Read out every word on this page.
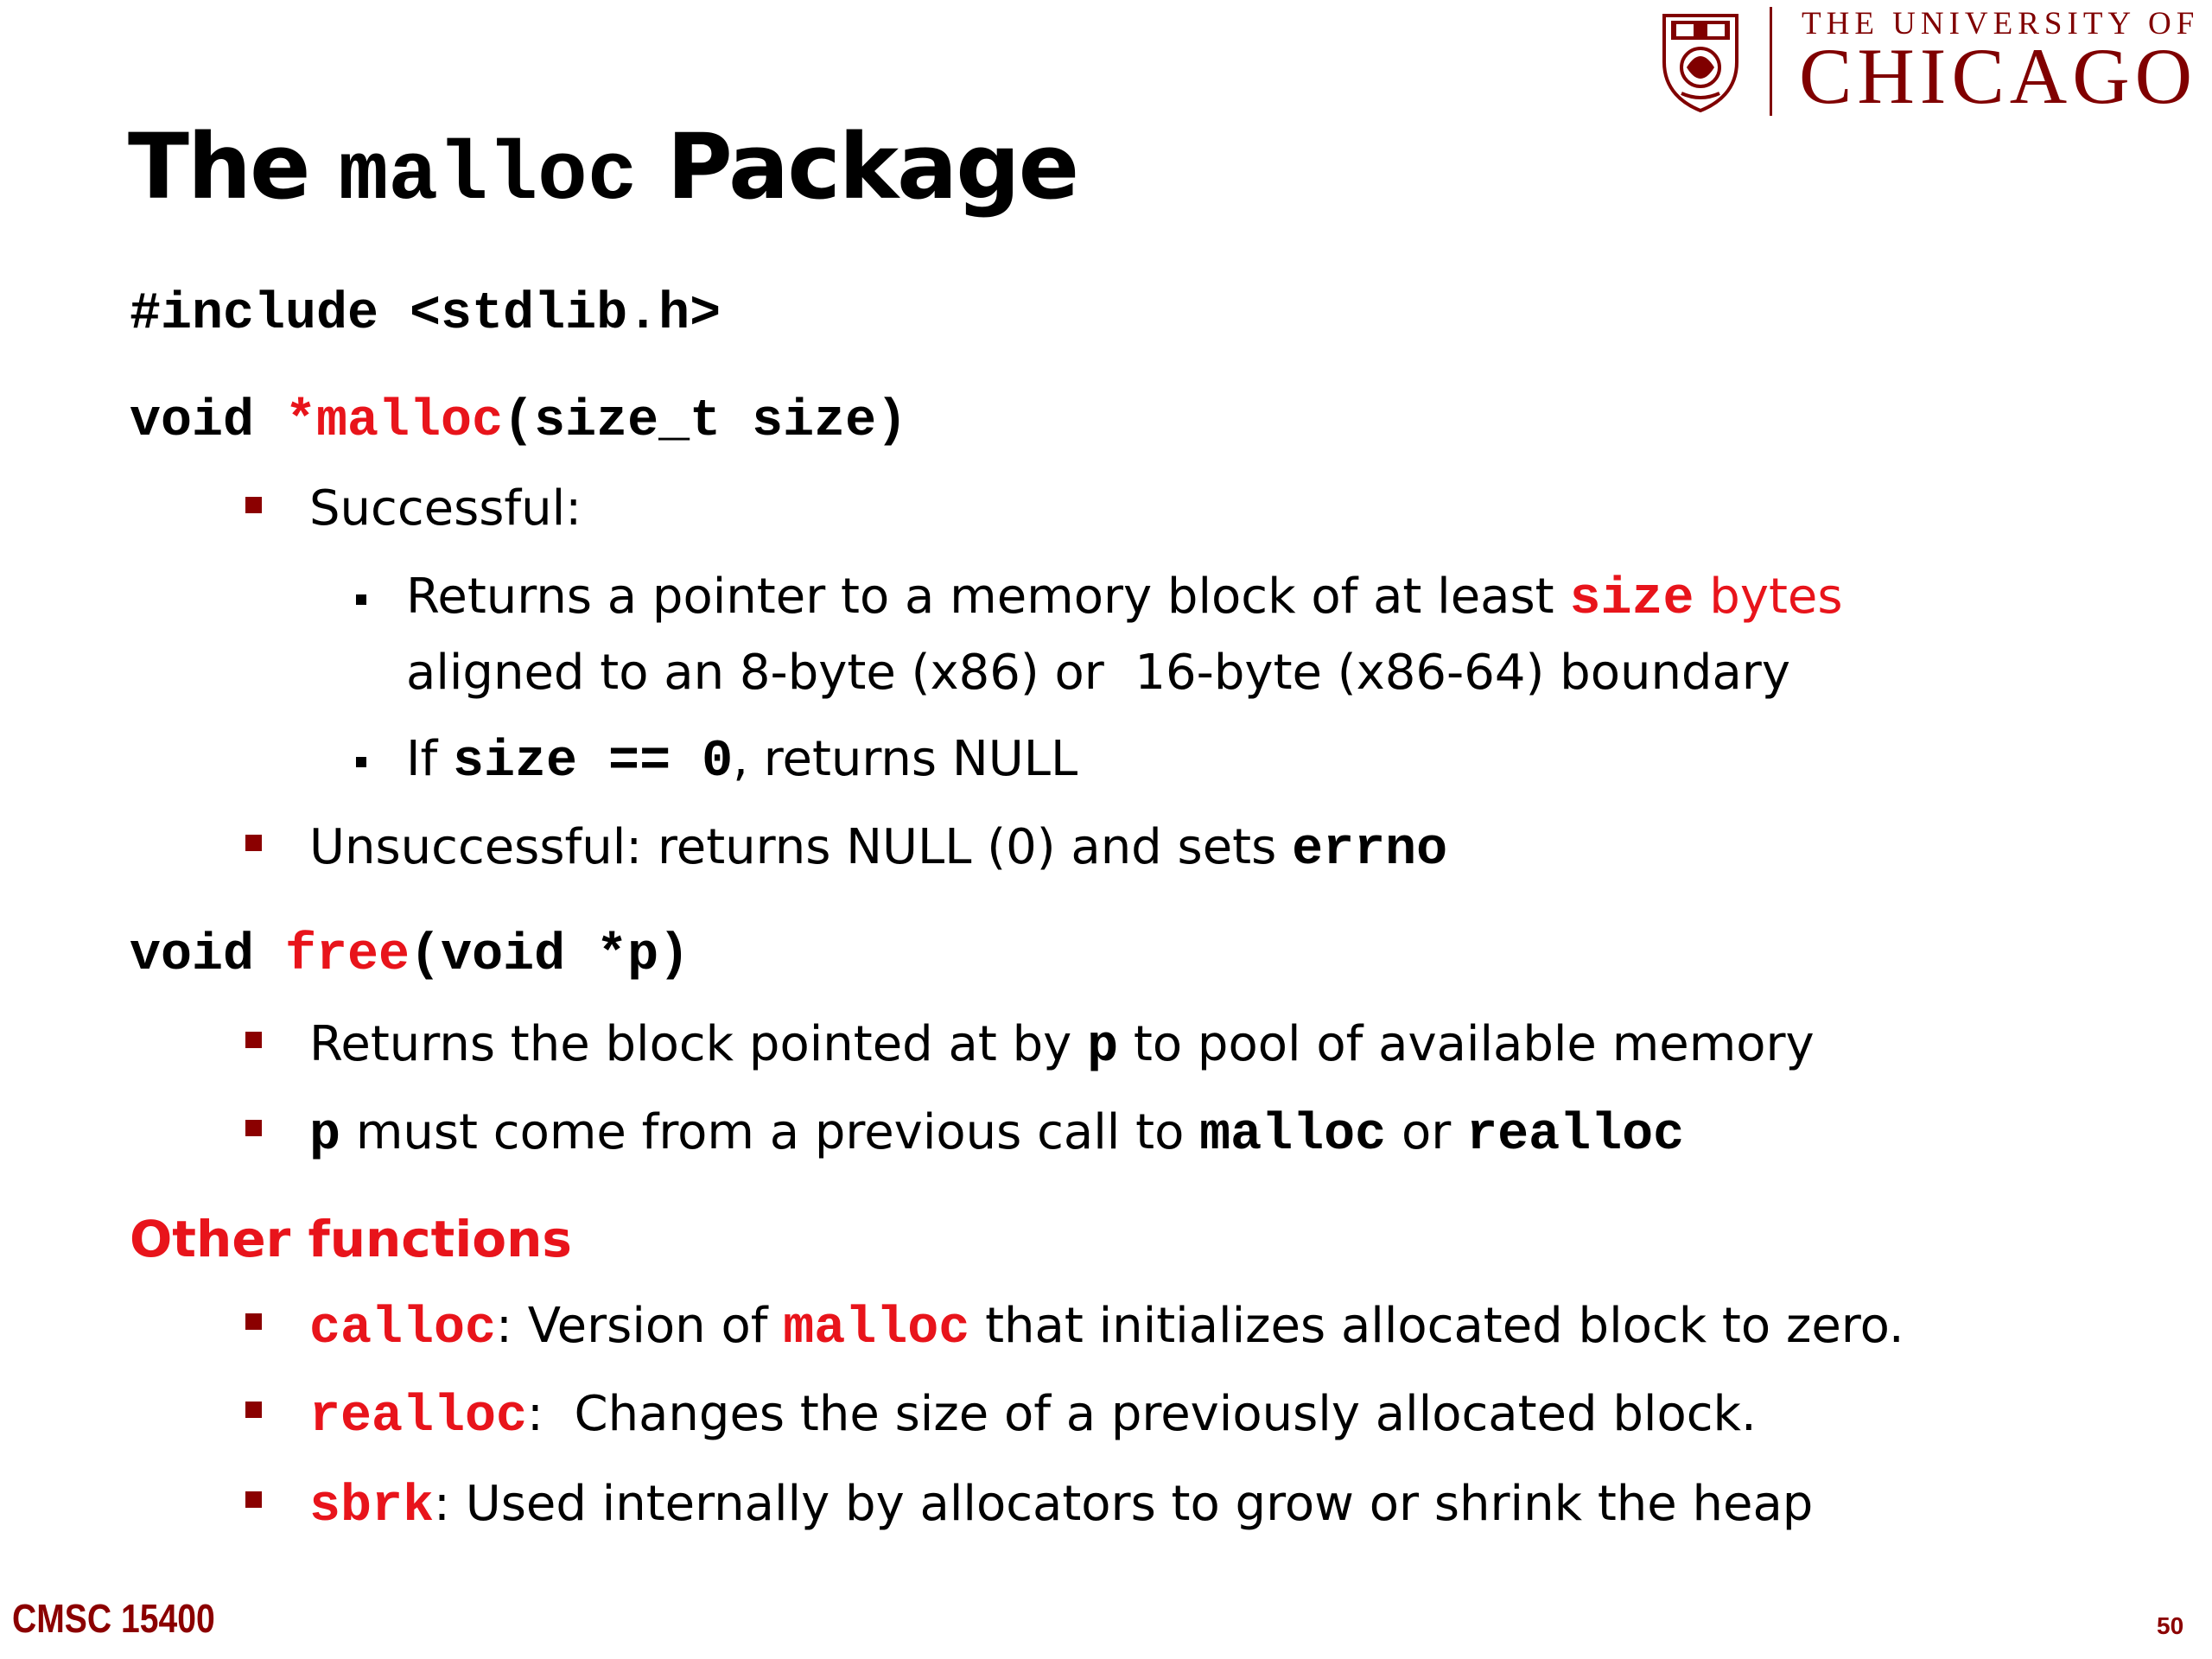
THE UNIVERSITY OF
CHICAGO
The malloc Package
#include <stdlib.h>
void *malloc(size_t size)
Successful:
Returns a pointer to a memory block of at least size bytes
aligned to an 8-byte (x86) or  16-byte (x86-64) boundary
If size == 0, returns NULL
Unsuccessful: returns NULL (0) and sets errno
void free(void *p)
Returns the block pointed at by p to pool of available memory
p must come from a previous call to malloc or realloc
Other functions
calloc: Version of malloc that initializes allocated block to zero.
realloc:  Changes the size of a previously allocated block.
sbrk: Used internally by allocators to grow or shrink the heap
CMSC 15400	50
